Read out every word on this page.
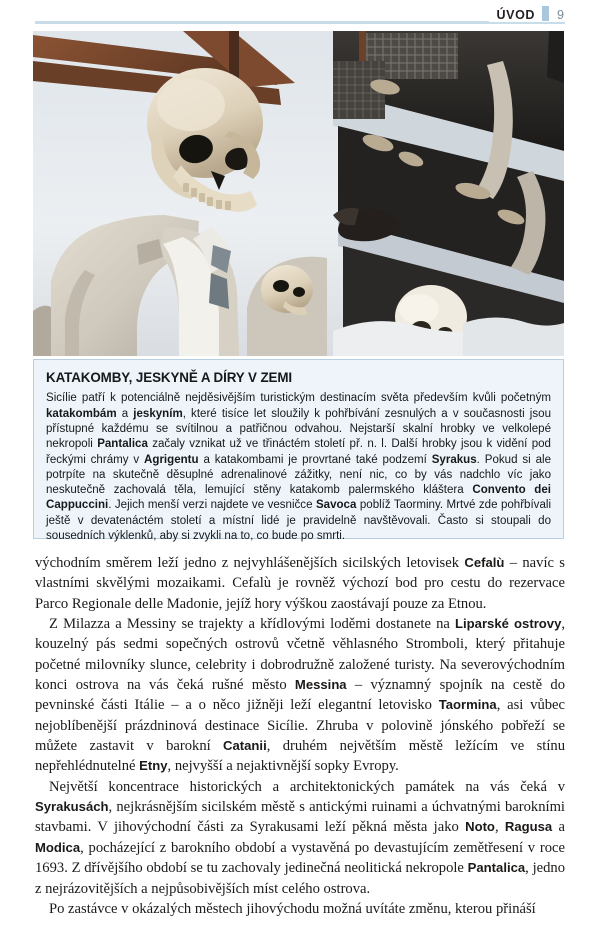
ÚVOD	9
KATAKOMBY, JESKYNĚ A DÍRY V ZEMI

Sicílie patří k potenciálně nejděsivějším turistickým destinacím světa především kvůli početným katakombám a jeskyním, které tisíce let sloužily k pohřbívání zesnulých a v současnosti jsou přístupné každému se svítilnou a patřičnou odvahou. Nejstarší skalní hrobky ve velkolepé nekropoli Pantalica začaly vznikat už ve třináctém století př. n. l. Další hrobky jsou k vidění pod řeckými chrámy v Agrigentu a katakombami je provrtané také podzemí Syrakus. Pokud si ale potrpíte na skutečně děsuplné adrenalinové zážitky, není nic, co by vás nadchlo víc jako neskutečně zachovalá těla, lemující stěny katakomb palermského kláštera Convento dei Cappuccini. Jejich menší verzi najdete ve vesničce Savoca poblíž Taorminy. Mrtvé zde pohřbívali ještě v devatenáctém století a místní lidé je pravidelně navštěvovali. Často si stoupali do sousedních výklenků, aby si zvykli na to, co bude po smrti.

východním směrem leží jedno z nejvyhlášenějších sicilských letovisek Cefalù – navíc s vlastními skvělými mozaikami. Cefalù je rovněž výchozí bod pro cestu do rezervace Parco Regionale delle Madonie, jejíž hory výškou zaostávají pouze za Etnou.

Z Milazza a Messiny se trajekty a křídlovými loděmi dostanete na Liparské ostrovy, kouzelný pás sedmi sopečných ostrovů včetně věhlasného Stromboli, který přitahuje početné milovníky slunce, celebrity i dobrodružně založené turisty. Na severovýchodním konci ostrova na vás čeká rušné město Messina – významný spojník na cestě do pevninské části Itálie – a o něco jižněji leží elegantní letovisko Taormina, asi vůbec nejoblíbenější prázdninová destinace Sicílie. Zhruba v polovině jónského pobřeží se můžete zastavit v barokní Catanii, druhém největším městě ležícím ve stínu nepřehlédnutelné Etny, nejvyšší a nejaktivnější sopky Evropy.

Největší koncentrace historických a architektonických památek na vás čeká v Syrakusách, nejkrásnějším sicilském městě s antickými ruinami a úchvatnými barokními stavbami. V jihovýchodní části za Syrakusami leží pěkná města jako Noto, Ragusa a Modica, pocházející z barokního období a vystavěná po devastujícím zemětřesení v roce 1693. Z dřívějšího období se tu zachovaly jedinečná neolitická nekropole Pantalica, jedno z nejrázovitějších a nejpůsobivějších míst celého ostrova.

Po zastávce v okázalých městech jihovýchodu možná uvítáte změnu, kterou přináší
